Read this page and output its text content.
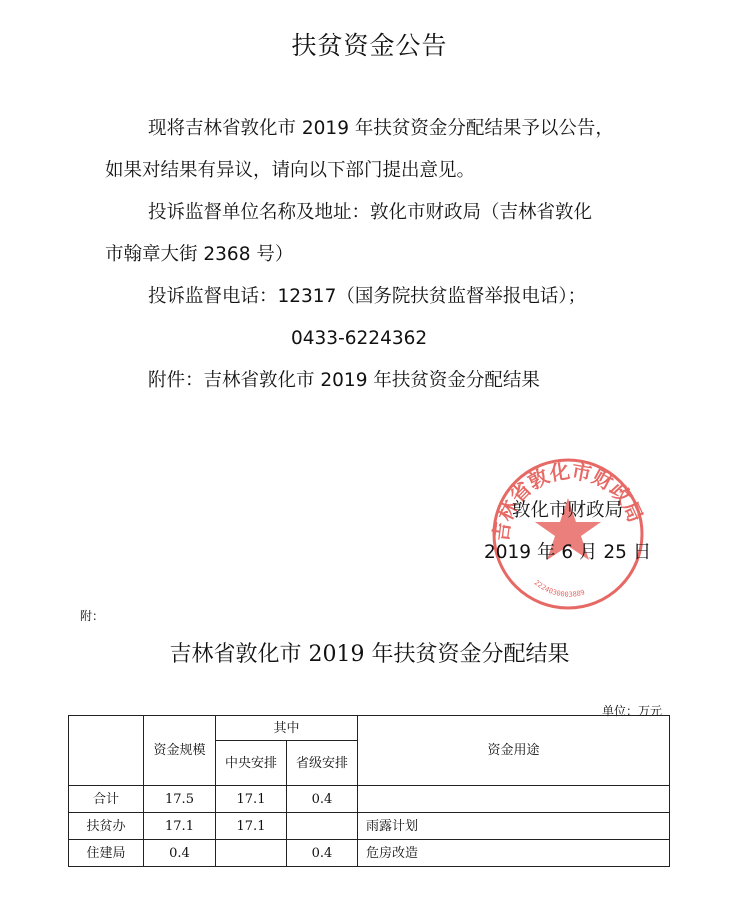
扶贫资金公告
现将吉林省敦化市 2019 年扶贫资金分配结果予以公告，
如果对结果有异议，请向以下部门提出意见。
投诉监督单位名称及地址：敦化市财政局（吉林省敦化
市翰章大街 2368 号）
投诉监督电话：12317（国务院扶贫监督举报电话）；
0433-6224362
附件：吉林省敦化市 2019 年扶贫资金分配结果
吉林省敦化市财政局
2224030003889
敦化市财政局
2019 年 6 月 25 日
附：
吉林省敦化市 2019 年扶贫资金分配结果
单位：万元
	资金规模	其中		资金用途
		中央安排	省级安排	
合计	17.5	17.1	0.4	
扶贫办	17.1	17.1		雨露计划
住建局	0.4		0.4	危房改造
